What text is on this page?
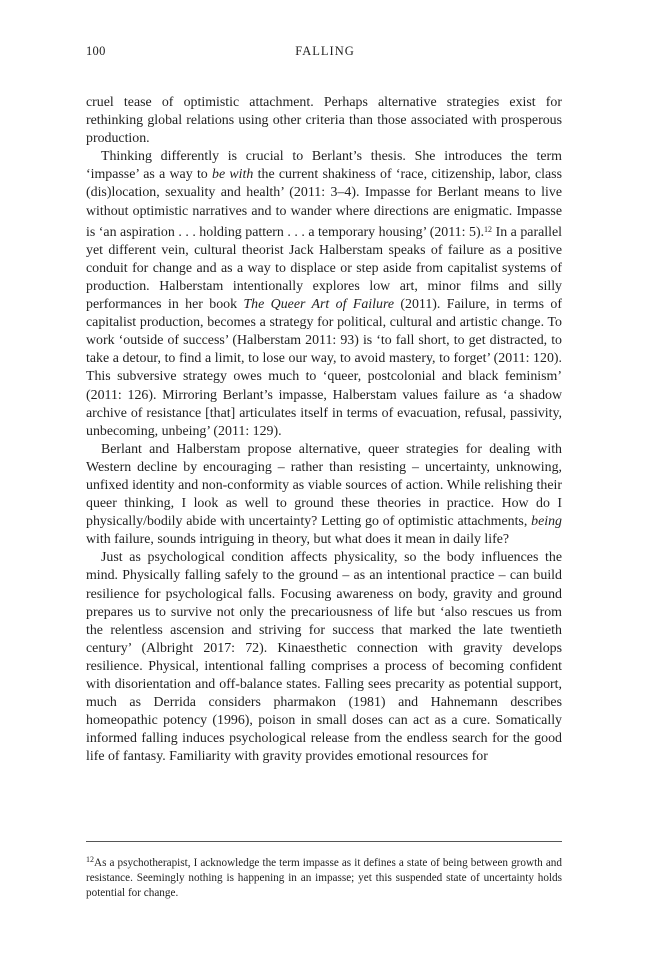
100	FALLING

cruel tease of optimistic attachment. Perhaps alternative strategies exist for rethinking global relations using other criteria than those associated with prosperous production.

Thinking differently is crucial to Berlant’s thesis. She introduces the term ‘impasse’ as a way to be with the current shakiness of ‘race, citizenship, labor, class (dis)location, sexuality and health’ (2011: 3–4). Impasse for Berlant means to live without optimistic narratives and to wander where directions are enigmatic. Impasse is ‘an aspiration . . . holding pattern . . . a temporary housing’ (2011: 5).$^{12}$ In a parallel yet different vein, cultural theorist Jack Halberstam speaks of failure as a positive conduit for change and as a way to displace or step aside from capitalist systems of production. Halberstam intentionally explores low art, minor films and silly performances in her book The Queer Art of Failure (2011). Failure, in terms of capitalist production, becomes a strategy for political, cultural and artistic change. To work ‘outside of success’ (Halberstam 2011: 93) is ‘to fall short, to get distracted, to take a detour, to find a limit, to lose our way, to avoid mastery, to forget’ (2011: 120). This subversive strategy owes much to ‘queer, postcolonial and black feminism’ (2011: 126). Mirroring Berlant’s impasse, Halberstam values failure as ‘a shadow archive of resistance [that] articulates itself in terms of evacuation, refusal, passivity, unbecoming, unbeing’ (2011: 129).

Berlant and Halberstam propose alternative, queer strategies for dealing with Western decline by encouraging – rather than resisting – uncertainty, unknowing, unfixed identity and non-conformity as viable sources of action. While relishing their queer thinking, I look as well to ground these theories in practice. How do I physically/bodily abide with uncertainty? Letting go of optimistic attachments, being with failure, sounds intriguing in theory, but what does it mean in daily life?

Just as psychological condition affects physicality, so the body influences the mind. Physically falling safely to the ground – as an intentional practice – can build resilience for psychological falls. Focusing awareness on body, gravity and ground prepares us to survive not only the precariousness of life but ‘also rescues us from the relentless ascension and striving for success that marked the late twentieth century’ (Albright 2017: 72). Kinaesthetic connection with gravity develops resilience. Physical, intentional falling comprises a process of becoming confident with disorientation and off-balance states. Falling sees precarity as potential support, much as Derrida considers pharmakon (1981) and Hahnemann describes homeopathic potency (1996), poison in small doses can act as a cure. Somatically informed falling induces psychological release from the endless search for the good life of fantasy. Familiarity with gravity provides emotional resources for

$^{12}$As a psychotherapist, I acknowledge the term impasse as it defines a state of being between growth and resistance. Seemingly nothing is happening in an impasse; yet this suspended state of uncertainty holds potential for change.
